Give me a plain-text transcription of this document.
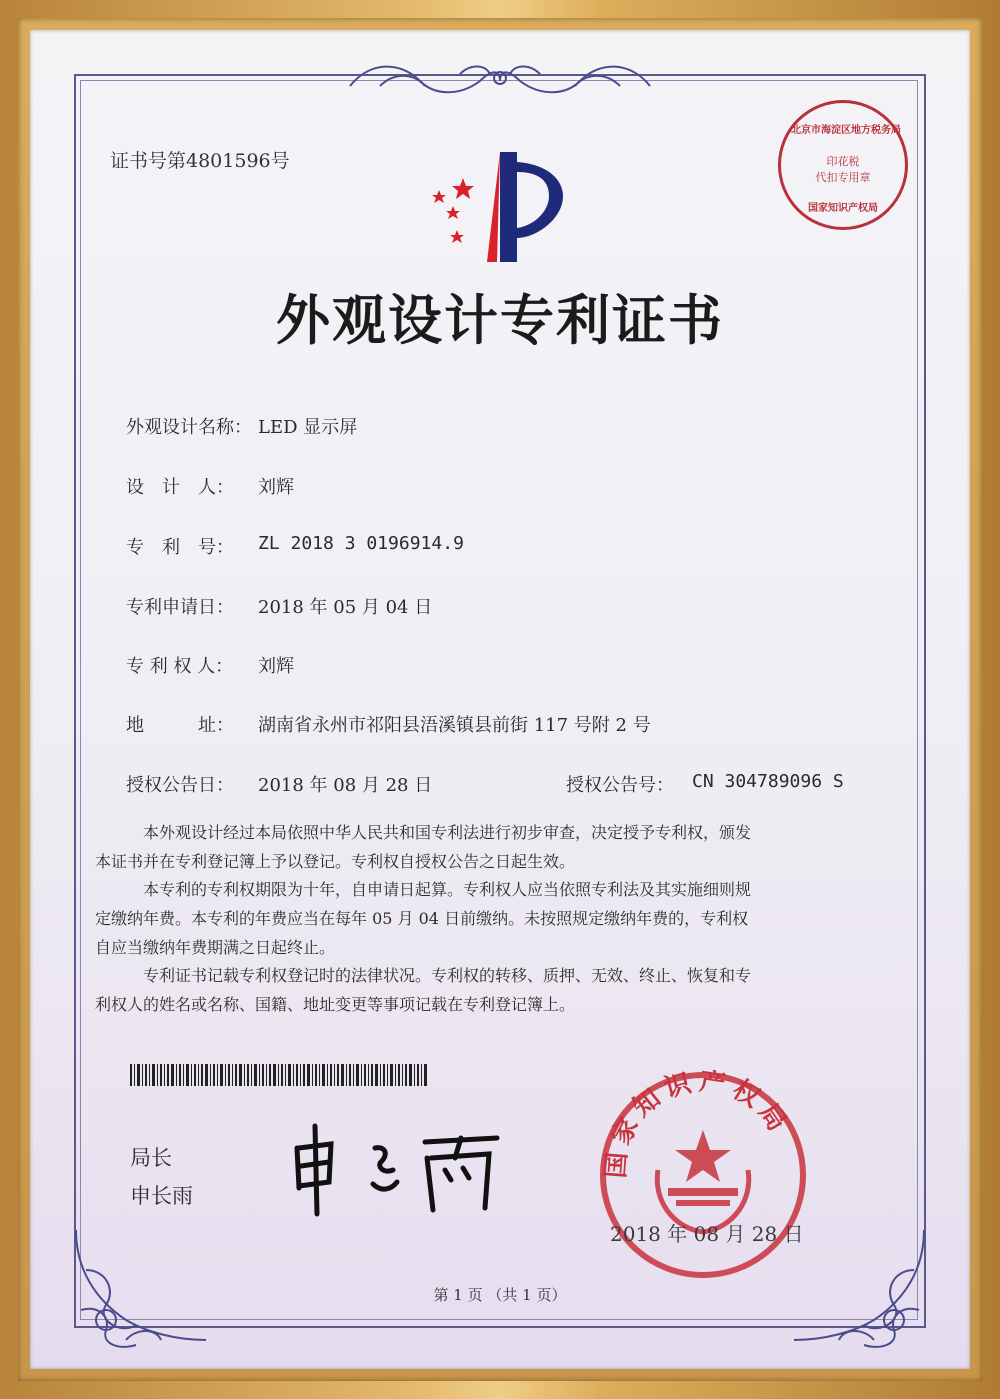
证书号第4801596号
北京市海淀区地方税务局
印花税
代扣专用章
国家知识产权局
外观设计专利证书
外观设计名称： LED 显示屏
设　计　人： 刘辉
专　利　号： ZL 2018 3 0196914.9
专利申请日： 2018 年 05 月 04 日
专 利 权 人： 刘辉
地　　　址： 湖南省永州市祁阳县浯溪镇县前街 117 号附 2 号
授权公告日： 2018 年 08 月 28 日	授权公告号： CN 304789096 S
本外观设计经过本局依照中华人民共和国专利法进行初步审查，决定授予专利权，颁发
本证书并在专利登记簿上予以登记。专利权自授权公告之日起生效。
本专利的专利权期限为十年，自申请日起算。专利权人应当依照专利法及其实施细则规
定缴纳年费。本专利的年费应当在每年 05 月 04 日前缴纳。未按照规定缴纳年费的，专利权
自应当缴纳年费期满之日起终止。
专利证书记载专利权登记时的法律状况。专利权的转移、质押、无效、终止、恢复和专
利权人的姓名或名称、国籍、地址变更等事项记载在专利登记簿上。
局长
申长雨
国家知识产权局
2018 年 08 月 28 日
第 1 页 （共 1 页）
